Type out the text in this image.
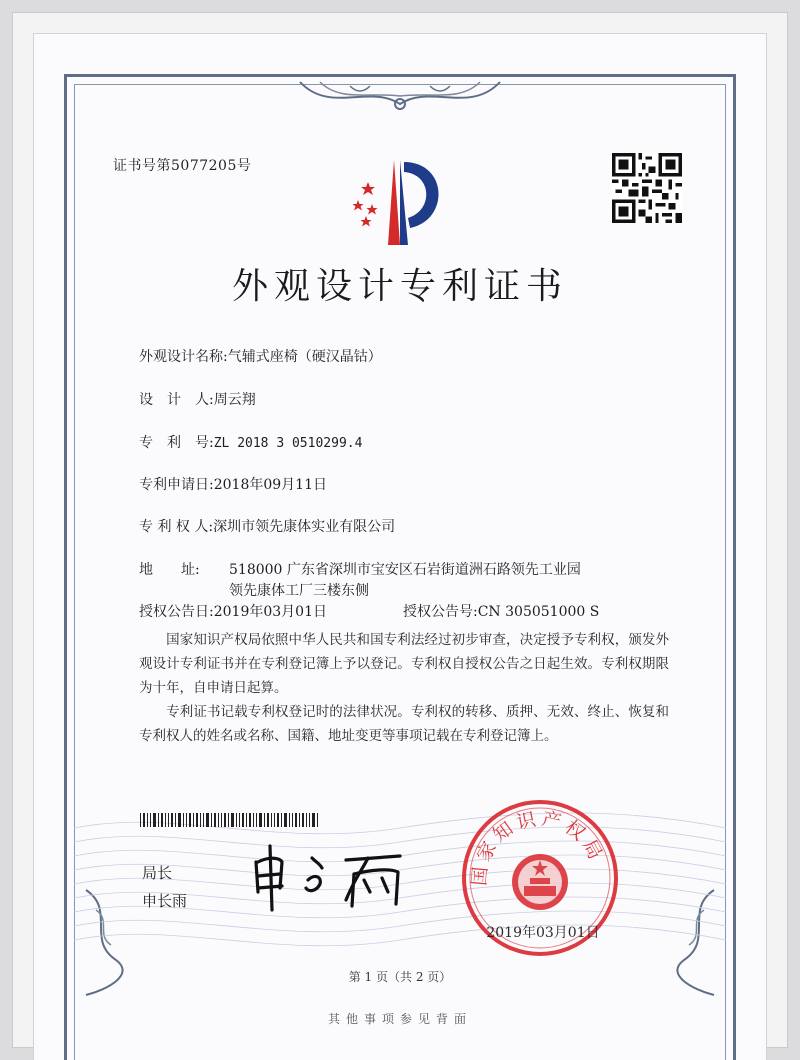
证书号第5077205号
外观设计专利证书
外观设计名称:气辅式座椅（硬汉晶钴）
设　计　人:周云翔
专　利　号:ZL 2018 3 0510299.4
专利申请日:2018年09月11日
专 利 权 人:深圳市领先康体实业有限公司
地　　址: 518000 广东省深圳市宝安区石岩街道洲石路领先工业园
领先康体工厂三楼东侧
授权公告日:2019年03月01日	授权公告号:CN 305051000 S
　　国家知识产权局依照中华人民共和国专利法经过初步审查，决定授予专利权，颁发外观设计专利证书并在专利登记簿上予以登记。专利权自授权公告之日起生效。专利权期限为十年，自申请日起算。
　　专利证书记载专利权登记时的法律状况。专利权的转移、质押、无效、终止、恢复和专利权人的姓名或名称、国籍、地址变更等事项记载在专利登记簿上。
局长
申长雨
国家知识产权局
2019年03月01日
第 1 页（共 2 页）
其他事项参见背面
